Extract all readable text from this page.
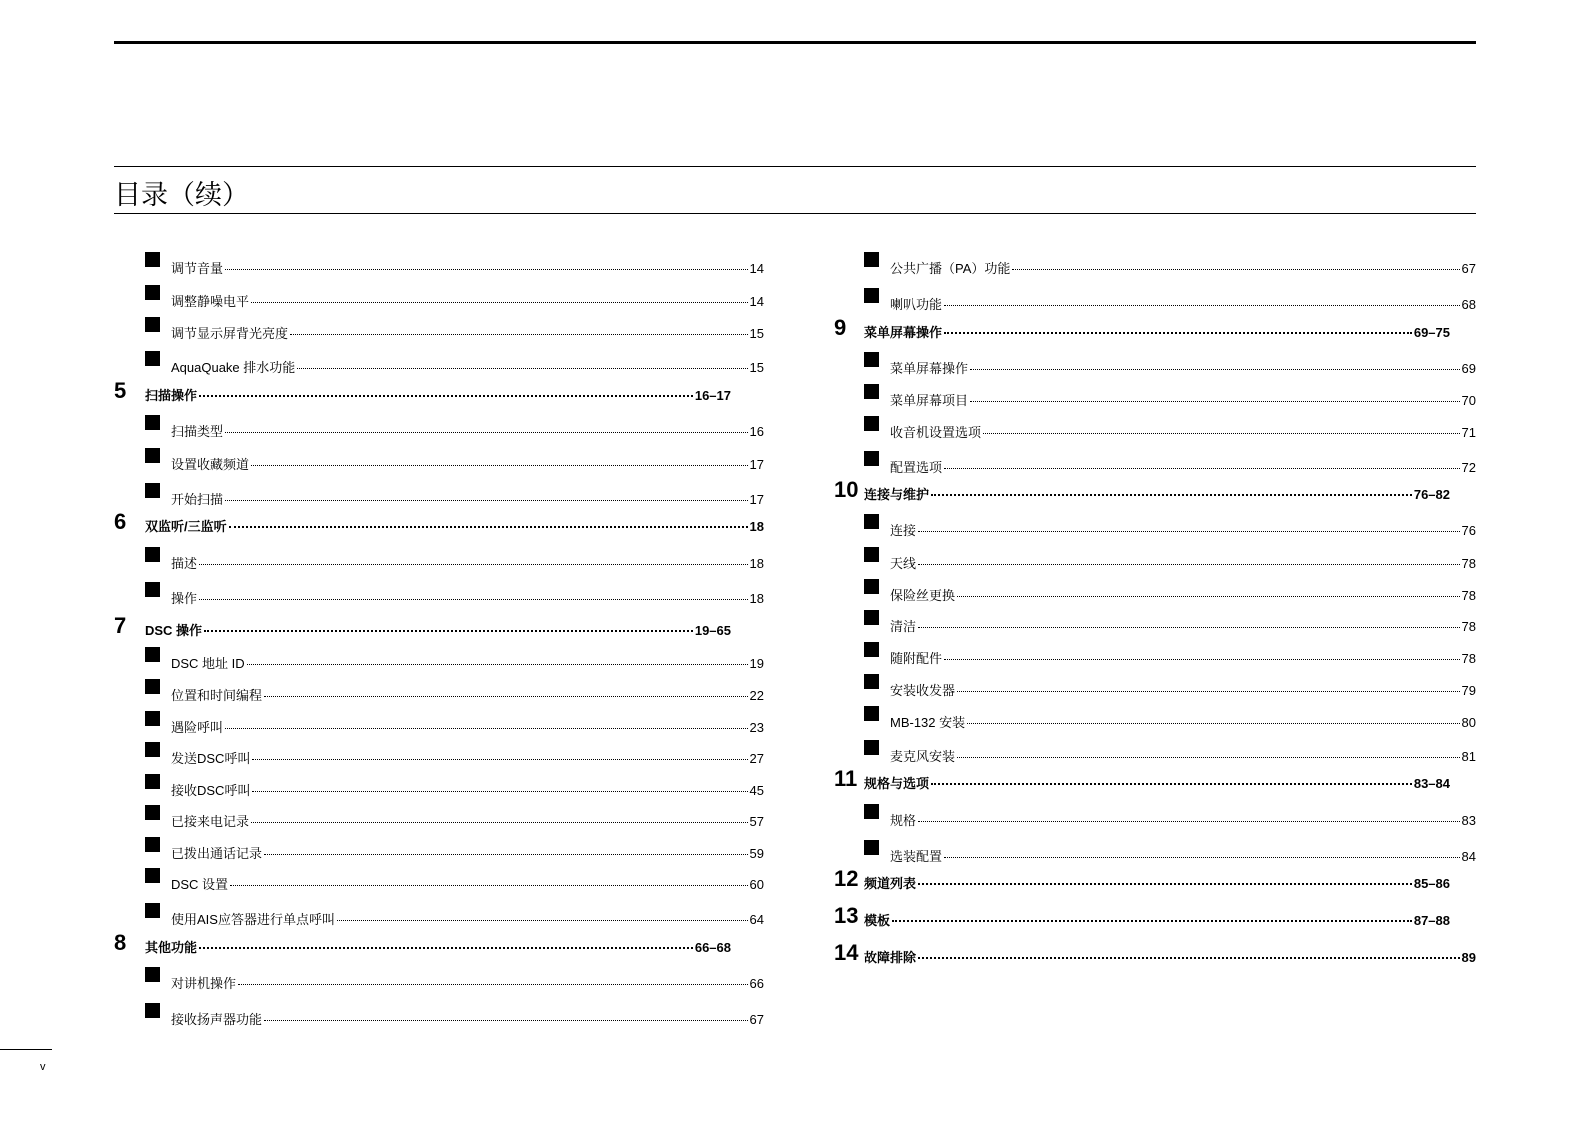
目录（续）
调节音量	14
调整静噪电平	14
调节显示屏背光亮度	15
AquaQuake 排水功能	15
5 扫描操作	16–17
扫描类型	16
设置收藏频道	17
开始扫描	17
6 双监听/三监听	18
描述	18
操作	18
7 DSC 操作	19–65
DSC 地址 ID	19
位置和时间编程	22
遇险呼叫	23
发送DSC呼叫	27
接收DSC呼叫	45
已接来电记录	57
已拨出通话记录	59
DSC 设置	60
使用AIS应答器进行单点呼叫	64
8 其他功能	66–68
对讲机操作	66
接收扬声器功能	67
公共广播（PA）功能	67
喇叭功能	68
9 菜单屏幕操作	69–75
菜单屏幕操作	69
菜单屏幕项目	70
收音机设置选项	71
配置选项	72
10 连接与维护	76–82
连接	76
天线	78
保险丝更换	78
清洁	78
随附配件	78
安装收发器	79
MB-132 安装	80
麦克风安装	81
11 规格与选项	83–84
规格	83
选装配置	84
12 频道列表	85–86
13 模板	87–88
14 故障排除	89
v
